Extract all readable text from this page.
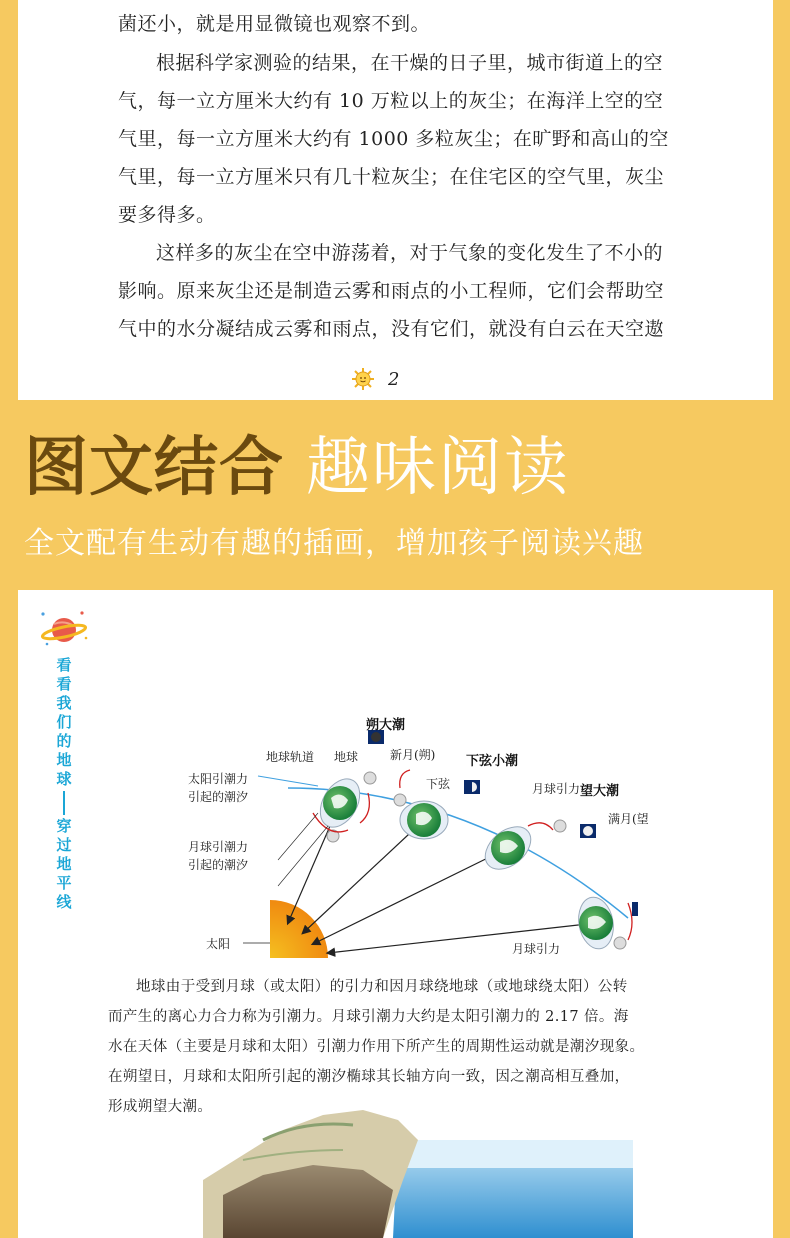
菌还小，就是用显微镜也观察不到。
根据科学家测验的结果，在干燥的日子里，城市街道上的空
气，每一立方厘米大约有 10 万粒以上的灰尘；在海洋上空的空
气里，每一立方厘米大约有 1000 多粒灰尘；在旷野和高山的空
气里，每一立方厘米只有几十粒灰尘；在住宅区的空气里，灰尘
要多得多。
这样多的灰尘在空中游荡着，对于气象的变化发生了不小的
影响。原来灰尘还是制造云雾和雨点的小工程师，它们会帮助空
气中的水分凝结成云雾和雨点，没有它们，就没有白云在天空遨
2
图文结合 趣味阅读
全文配有生动有趣的插画，增加孩子阅读兴趣
看看我们的地球
穿过地平线
朔大潮
下弦小潮
望大潮
地球轨道 地球	新月(朔)
下弦	月球引力
满月(望
太阳引潮力
引起的潮汐
月球引潮力
引起的潮汐
太阳	月球引力
地球由于受到月球（或太阳）的引力和因月球绕地球（或地球绕太阳）公转
而产生的离心力合力称为引潮力。月球引潮力大约是太阳引潮力的 2.17 倍。海
水在天体（主要是月球和太阳）引潮力作用下所产生的周期性运动就是潮汐现象。
在朔望日，月球和太阳所引起的潮汐椭球其长轴方向一致，因之潮高相互叠加，
形成朔望大潮。
